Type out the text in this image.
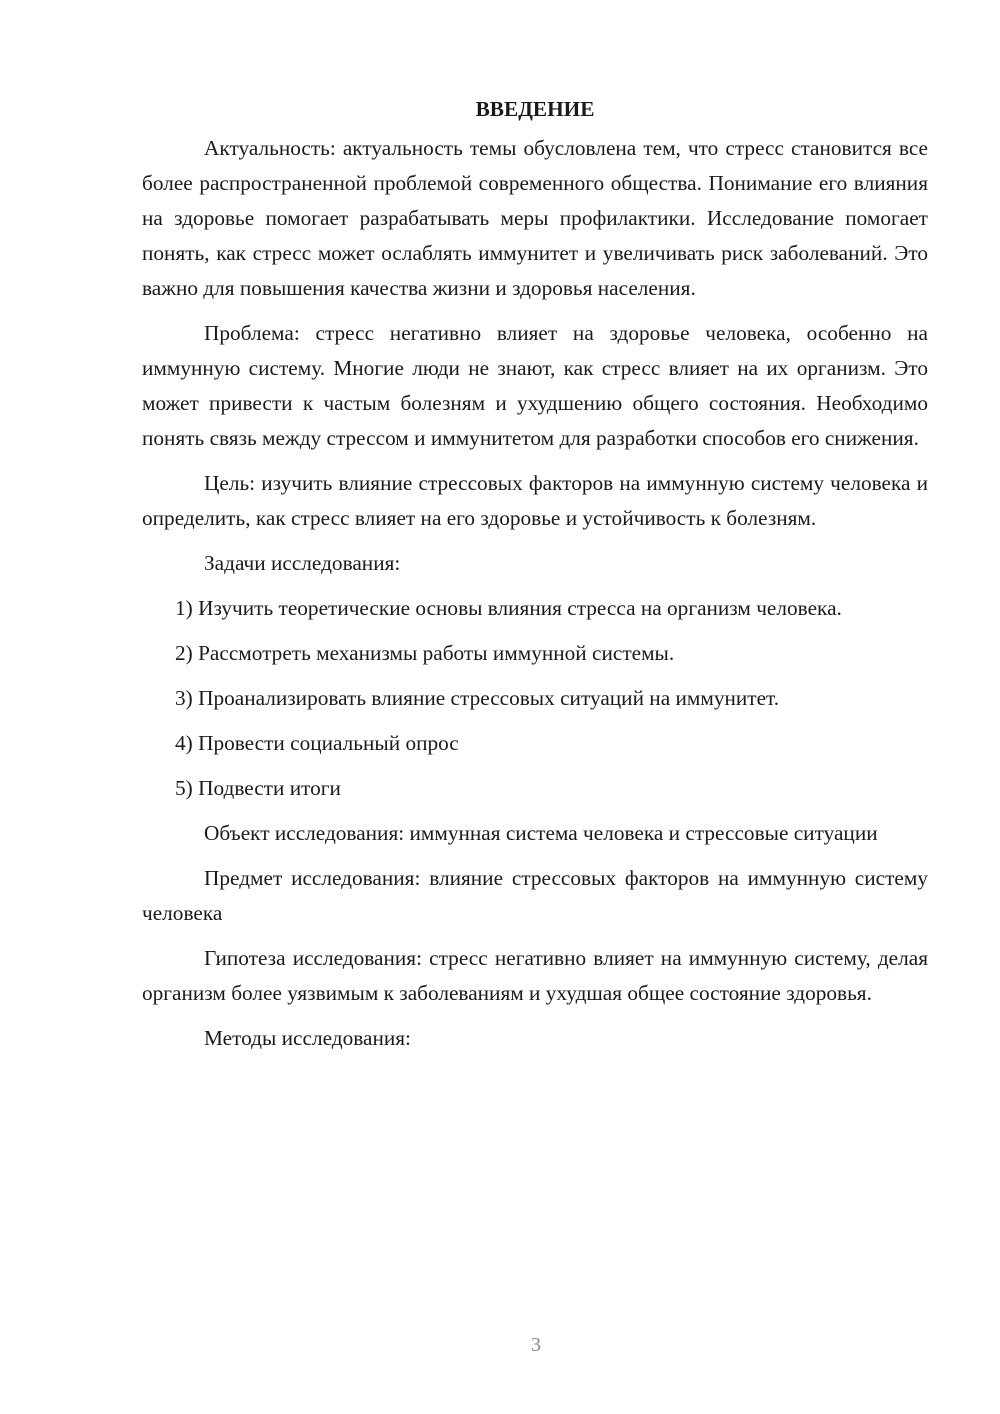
ВВЕДЕНИЕ

Актуальность: актуальность темы обусловлена тем, что стресс становится все более распространенной проблемой современного общества. Понимание его влияния на здоровье помогает разрабатывать меры профилактики. Исследование помогает понять, как стресс может ослаблять иммунитет и увеличивать риск заболеваний. Это важно для повышения качества жизни и здоровья населения.

Проблема: стресс негативно влияет на здоровье человека, особенно на иммунную систему. Многие люди не знают, как стресс влияет на их организм. Это может привести к частым болезням и ухудшению общего состояния. Необходимо понять связь между стрессом и иммунитетом для разработки способов его снижения.

Цель: изучить влияние стрессовых факторов на иммунную систему человека и определить, как стресс влияет на его здоровье и устойчивость к болезням.

Задачи исследования:

1) Изучить теоретические основы влияния стресса на организм человека.

2) Рассмотреть механизмы работы иммунной системы.

3) Проанализировать влияние стрессовых ситуаций на иммунитет.

4) Провести социальный опрос

5) Подвести итоги

Объект исследования: иммунная система человека и стрессовые ситуации

Предмет исследования: влияние стрессовых факторов на иммунную систему человека

Гипотеза исследования: стресс негативно влияет на иммунную систему, делая организм более уязвимым к заболеваниям и ухудшая общее состояние здоровья.

Методы исследования:

3
